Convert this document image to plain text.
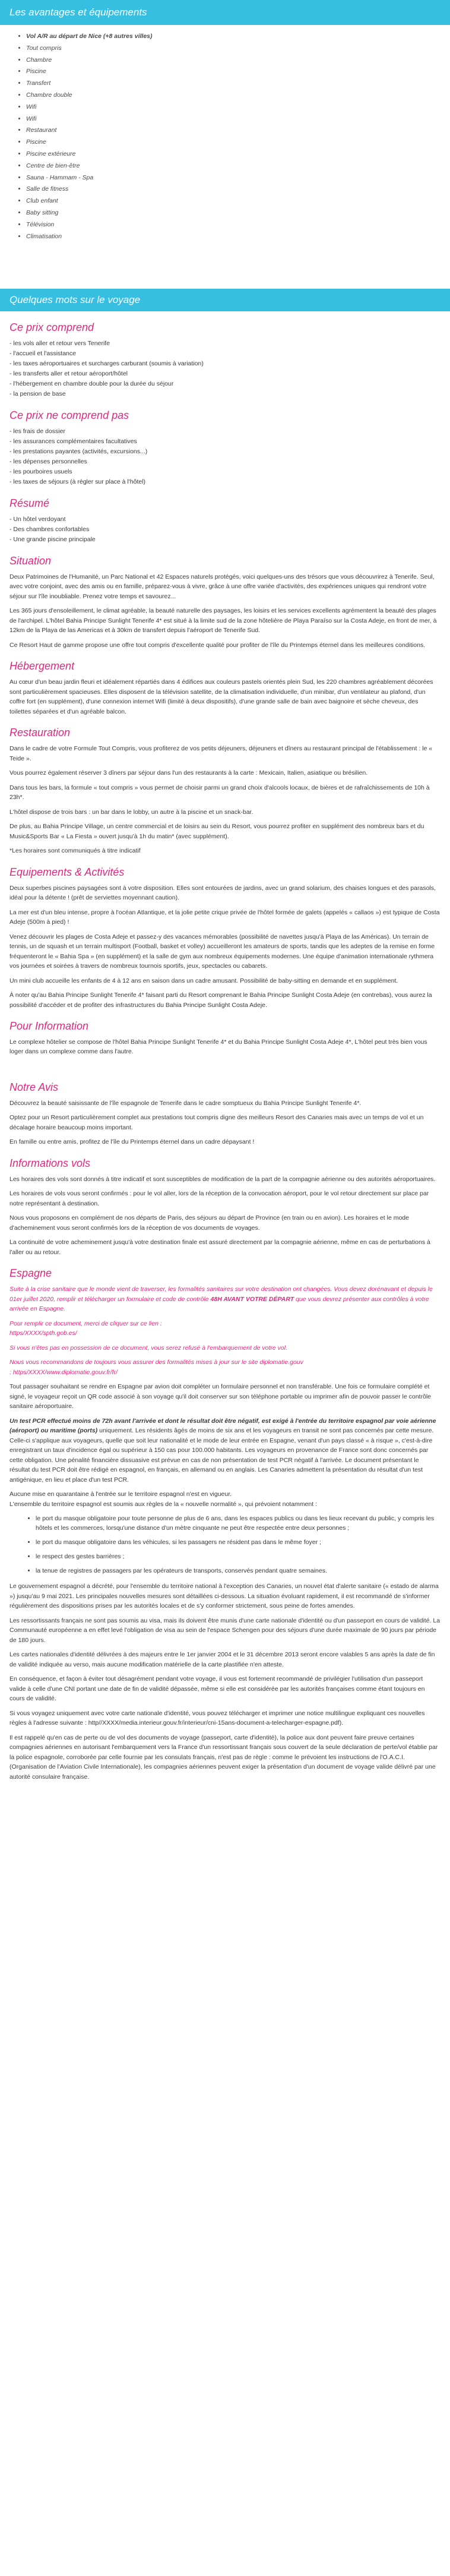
Les avantages et équipements
• Vol A/R au départ de Nice (+8 autres villes)
• Tout compris
• Chambre
• Piscine
• Transfert
• Chambre double
• Wifi
• Wifi
• Restaurant
• Piscine
• Piscine extérieure
• Centre de bien-être
• Sauna - Hammam - Spa
• Salle de fitness
• Club enfant
• Baby sitting
• Télévision
• Climatisation
Quelques mots sur le voyage
Ce prix comprend
- les vols aller et retour vers Tenerife
- l'accueil et l'assistance
- les taxes aéroportuaires et surcharges carburant (soumis à variation)
- les transferts aller et retour aéroport/hôtel
- l'hébergement en chambre double pour la durée du séjour
- la pension de base
Ce prix ne comprend pas
- les frais de dossier
- les assurances complémentaires facultatives
- les prestations payantes (activités, excursions...)
- les dépenses personnelles
- les pourboires usuels
- les taxes de séjours (à régler sur place à l'hôtel)
Résumé
- Un hôtel verdoyant
- Des chambres confortables
- Une grande piscine principale
Situation

Deux Patrimoines de l'Humanité, un Parc National et 42 Espaces naturels protégés, voici quelques-uns des trésors que vous découvrirez à Tenerife. Seul, avec votre conjoint, avec des amis ou en famille, préparez-vous à vivre, grâce à une offre variée d'activités, des expériences uniques qui rendront votre séjour sur l'île inoubliable. Prenez votre temps et savourez...

Les 365 jours d'ensoleillement, le climat agréable, la beauté naturelle des paysages, les loisirs et les services excellents agrémentent la beauté des plages de l'archipel. L'hôtel Bahia Principe Sunlight Tenerife 4* est situé à la limite sud de la zone hôtelière de Playa Paraíso sur la Costa Adeje, en front de mer, à 12km de la Playa de las Americas et à 30km de transfert depuis l'aéroport de Tenerife Sud.

Ce Resort Haut de gamme propose une offre tout compris d'excellente qualité pour profiter de l'île du Printemps éternel dans les meilleures conditions.

Hébergement

Au cœur d'un beau jardin fleuri et idéalement répartiés dans 4 édifices aux couleurs pastels orientés plein Sud, les 220 chambres agréablement décorées sont particulièrement spacieuses. Elles disposent de la télévision satellite, de la climatisation individuelle, d'un minibar, d'un ventilateur au plafond, d'un coffre fort (en supplément), d'une connexion internet Wifi (limité à deux dispositifs), d'une grande salle de bain avec baignoire et sèche cheveux, des toilettes séparées et d'un agréable balcon.

Restauration

Dans le cadre de votre Formule Tout Compris, vous profiterez de vos petits déjeuners, déjeuners et dîners au restaurant principal de l'établissement : le « Teide ».

Vous pourrez également réserver 3 dîners par séjour dans l'un des restaurants à la carte : Mexicain, Italien, asiatique ou brésilien.

Dans tous les bars, la formule « tout compris » vous permet de choisir parmi un grand choix d'alcools locaux, de bières et de rafraîchissements de 10h à 23h*.

L'hôtel dispose de trois bars : un bar dans le lobby, un autre à la piscine et un snack-bar.

De plus, au Bahia Principe Village, un centre commercial et de loisirs au sein du Resort, vous pourrez profiter en supplément des nombreux bars et du Music&Sports Bar « La Fiesta » ouvert jusqu'à 1h du matin* (avec supplément).

*Les horaires sont communiqués à titre indicatif

Equipements & Activités

Deux superbes piscines paysagées sont à votre disposition. Elles sont entourées de jardins, avec un grand solarium, des chaises longues et des parasols, idéal pour la détente ! (prêt de serviettes moyennant caution).

La mer est d'un bleu intense, propre à l'océan Atlantique, et la jolie petite crique privée de l'hôtel formée de galets (appelés « callaos ») est typique de Costa Adeje (500m à pied) !

Venez découvrir les plages de Costa Adeje et passez-y des vacances mémorables (possibilité de navettes jusqu'à Playa de las Américas). Un terrain de tennis, un de squash et un terrain multisport (Football, basket et volley) accueilleront les amateurs de sports, tandis que les adeptes de la remise en forme fréquenteront le « Bahia Spa » (en supplément) et la salle de gym aux nombreux équipements modernes. Une équipe d'animation internationale rythmera vos journées et soirées à travers de nombreux tournois sportifs, jeux, spectacles ou cabarets.

Un mini club accueille les enfants de 4 à 12 ans en saison dans un cadre amusant. Possibilité de baby-sitting en demande et en supplément.

À noter qu'au Bahia Principe Sunlight Tenerife 4* faisant parti du Resort comprenant le Bahia Principe Sunlight Costa Adeje (en contrebas), vous aurez la possibilité d'accéder et de profiter des infrastructures du Bahia Principe Sunlight Costa Adeje.

Pour Information

Le complexe hôtelier se compose de l'hôtel Bahia Principe Sunlight Tenerife 4* et du Bahia Principe Sunlight Costa Adeje 4*, L'hôtel peut très bien vous loger dans un complexe comme dans l'autre.

Notre Avis

Découvrez la beauté saisissante de l'île espagnole de Tenerife dans le cadre somptueux du Bahia Principe Sunlight Tenerife 4*.

Optez pour un Resort particulièrement complet aux prestations tout compris digne des meilleurs Resort des Canaries mais avec un temps de vol et un décalage horaire beaucoup moins important.

En famille ou entre amis, profitez de l'île du Printemps éternel dans un cadre dépaysant !

Informations vols

Les horaires des vols sont donnés à titre indicatif et sont susceptibles de modification de la part de la compagnie aérienne ou des autorités aéroportuaires.

Les horaires de vols vous seront confirmés : pour le vol aller, lors de la réception de la convocation aéroport, pour le vol retour directement sur place par notre représentant à destination.

Nous vous proposons en complément de nos départs de Paris, des séjours au départ de Province (en train ou en avion). Les horaires et le mode d'acheminement vous seront confirmés lors de la réception de vos documents de voyages.

La continuité de votre acheminement jusqu'à votre destination finale est assuré directement par la compagnie aérienne, même en cas de perturbations à l'aller ou au retour.

Espagne

Suite à la crise sanitaire que le monde vient de traverser, les formalités sanitaires sur votre destination ont changées. Vous devez dorénavant et depuis le 01er juillet 2020, remplir et télécharger un formulaire et code de contrôle 48H AVANT VOTRE DÉPART que vous devrez présenter aux contrôles à votre arrivée en Espagne.

Pour remplir ce document, merci de cliquer sur ce lien :
https/XXXX/spth.gob.es/

Si vous n'êtes pas en possession de ce document, vous serez refusé à l'embarquement de votre vol.

Nous vous recommandons de toujours vous assurer des formalités mises à jour sur le site diplomatie.gouv
: https/XXXX/www.diplomatie.gouv.fr/fr/

Tout passager souhaitant se rendre en Espagne par avion doit compléter un formulaire personnel et non transférable. Une fois ce formulaire complété et signé, le voyageur reçoit un QR code associé à son voyage qu'il doit conserver sur son téléphone portable ou imprimer afin de pouvoir passer le contrôle sanitaire aéroportuaire.

Un test PCR effectué moins de 72h avant l'arrivée et dont le résultat doit être négatif, est exigé à l'entrée du territoire espagnol par voie aérienne (aéroport) ou maritime (ports) uniquement. Les résidents âgés de moins de six ans et les voyageurs en transit ne sont pas concernés par cette mesure. Celle-ci s'applique aux voyageurs, quelle que soit leur nationalité et le mode de leur entrée en Espagne, venant d'un pays classé « à risque », c'est-à-dire enregistrant un taux d'incidence égal ou supérieur à 150 cas pour 100.000 habitants. Les voyageurs en provenance de France sont donc concernés par cette obligation. Une pénalité financière dissuasive est prévue en cas de non présentation de test PCR négatif à l'arrivée. Le document présentant le résultat du test PCR doit être rédigé en espagnol, en français, en allemand ou en anglais. Les Canaries admettent la présentation du résultat d'un test antigénique, en lieu et place d'un test PCR.

Aucune mise en quarantaine à l'entrée sur le territoire espagnol n'est en vigueur.
L'ensemble du territoire espagnol est soumis aux règles de la « nouvelle normalité », qui prévoient notamment :

• le port du masque obligatoire pour toute personne de plus de 6 ans, dans les espaces publics ou dans les lieux recevant du public, y compris les hôtels et les commerces, lorsqu'une distance d'un mètre cinquante ne peut être respectée entre deux personnes ;
• le port du masque obligatoire dans les véhicules, si les passagers ne résident pas dans le même foyer ;
• le respect des gestes barrières ;
• la tenue de registres de passagers par les opérateurs de transports, conservés pendant quatre semaines.

Le gouvernement espagnol a décrété, pour l'ensemble du territoire national à l'exception des Canaries, un nouvel état d'alerte sanitaire (« estado de alarma ») jusqu'au 9 mai 2021. Les principales nouvelles mesures sont détaillées ci-dessous. La situation évoluant rapidement, il est recommandé de s'informer régulièrement des dispositions prises par les autorités locales et de s'y conformer strictement, sous peine de fortes amendes.

Les ressortissants français ne sont pas soumis au visa, mais ils doivent être munis d'une carte nationale d'identité ou d'un passeport en cours de validité. La Communauté européenne a en effet levé l'obligation de visa au sein de l'espace Schengen pour des séjours d'une durée maximale de 90 jours par période de 180 jours.

Les cartes nationales d'identité délivrées à des majeurs entre le 1er janvier 2004 et le 31 décembre 2013 seront encore valables 5 ans après la date de fin de validité indiquée au verso, mais aucune modification matérielle de la carte plastifiée n'en atteste.

En conséquence, et façon à éviter tout désagrément pendant votre voyage, il vous est fortement recommandé de privilégier l'utilisation d'un passeport valide à celle d'une CNI portant une date de fin de validité dépassée, même si elle est considérée par les autorités françaises comme étant toujours en cours de validité.

Si vous voyagez uniquement avec votre carte nationale d'identité, vous pouvez télécharger et imprimer une notice multilingue expliquant ces nouvelles règles à l'adresse suivante : http//XXXX/media.interieur.gouv.fr/interieur/cni-15ans-document-a-telecharger-espagne.pdf).

Il est rappelé qu'en cas de perte ou de vol des documents de voyage (passeport, carte d'identité), la police aux dont peuvent faire preuve certaines compagnies aériennes en autorisant l'embarquement vers la France d'un ressortissant français sous couvert de la seule déclaration de perte/vol établie par la police espagnole, corroborée par celle fournie par les consulats français, n'est pas de règle : comme le prévoient les instructions de l'O.A.C.I. (Organisation de l'Aviation Civile Internationale), les compagnies aériennes peuvent exiger la présentation d'un document de voyage valide délivré par une autorité consulaire française.
